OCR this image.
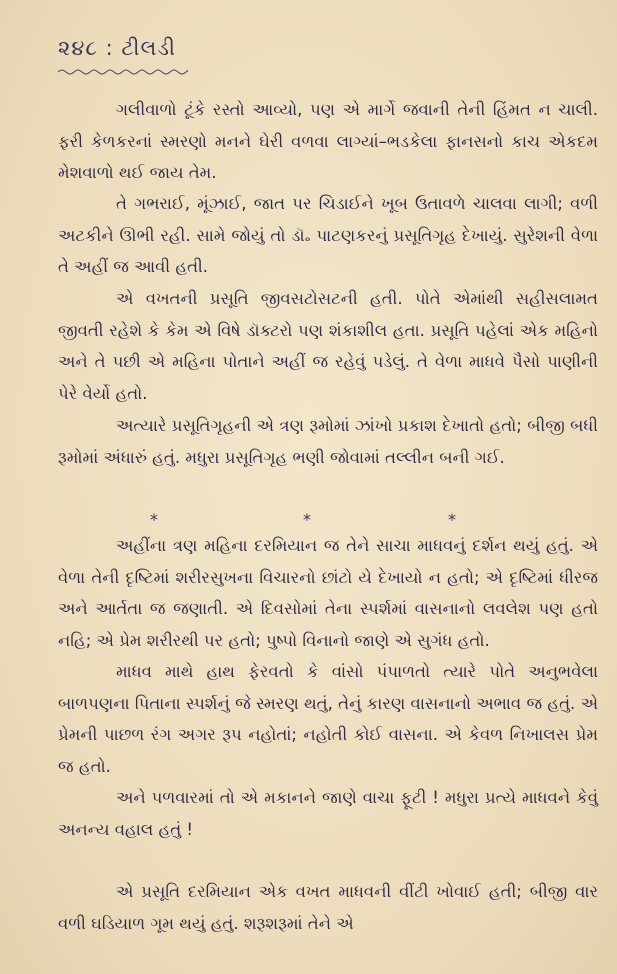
૨૪૮ : ટીલડી

ગલીવાળો ટૂંકે રસ્તો આવ્યો, પણ એ માર્ગે જવાની તેની હિંમત ન ચાલી. ફરી કેળકરનાં સ્મરણો મનને ઘેરી વળવા લાગ્યાં–ભડકેલા ફાનસનો કાચ એકદમ મેશવાળો થઈ જાય તેમ.

તે ગભરાઈ, મૂંઝાઈ, જાત પર ચિડાઈને ખૂબ ઉતાવળે ચાલવા લાગી; વળી અટકીને ઊભી રહી. સામે જોયું તો ડૉ૰ પાટણકરનું પ્રસૂતિગૃહ દેખાયું. સુરેશની વેળા તે અહીં જ આવી હતી.

એ વખતની પ્રસૂતિ જીવસટોસટની હતી. પોતે એમાંથી સહીસલામત જીવતી રહેશે કે કેમ એ વિષે ડૉક્ટરો પણ શંકાશીલ હતા. પ્રસૂતિ પહેલાં એક મહિનો અને તે પછી એ મહિના પોતાને અહીં જ રહેવું પડેલું. તે વેળા માધવે પૈસો પાણીની પેરે વેર્યો હતો.

અત્યારે પ્રસૂતિગૃહની એ ત્રણ રૂમોમાં ઝાંખો પ્રકાશ દેખાતો હતો; બીજી બધી રૂમોમાં અંધારું હતું. મધુરા પ્રસૂતિગૃહ ભણી જોવામાં તલ્લીન બની ગઈ.

*	*	*

અહીંના ત્રણ મહિના દરમિયાન જ તેને સાચા માધવનું દર્શન થયું હતું. એ વેળા તેની દૃષ્ટિમાં શરીરસુખના વિચારનો છાંટો યે દેખાયો ન હતો; એ દૃષ્ટિમાં ધીરજ અને આર્તતા જ જણાતી. એ દિવસોમાં તેના સ્પર્શમાં વાસનાનો લવલેશ પણ હતો નહિ; એ પ્રેમ શરીરથી પર હતો; પુષ્પો વિનાનો જાણે એ સુગંધ હતો.

માધવ માથે હાથ ફેરવતો કે વાંસો પંપાળતો ત્યારે પોતે અનુભવેલા બાળપણના પિતાના સ્પર્શનું જે સ્મરણ થતું, તેનું કારણ વાસનાનો અભાવ જ હતું. એ પ્રેમની પાછળ રંગ અગર રૂપ નહોતાં; નહોતી કોઈ વાસના. એ કેવળ નિખાલસ પ્રેમ જ હતો.

અને પળવારમાં તો એ મકાનને જાણે વાચા ફૂટી ! મધુરા પ્રત્યે માધવને કેવું અનન્ય વહાલ હતું !

એ પ્રસૂતિ દરમિયાન એક વખત માધવની વીંટી ખોવાઈ હતી; બીજી વાર વળી ઘડિયાળ ગૂમ થયું હતું. શરૂશરૂમાં તેને એ
